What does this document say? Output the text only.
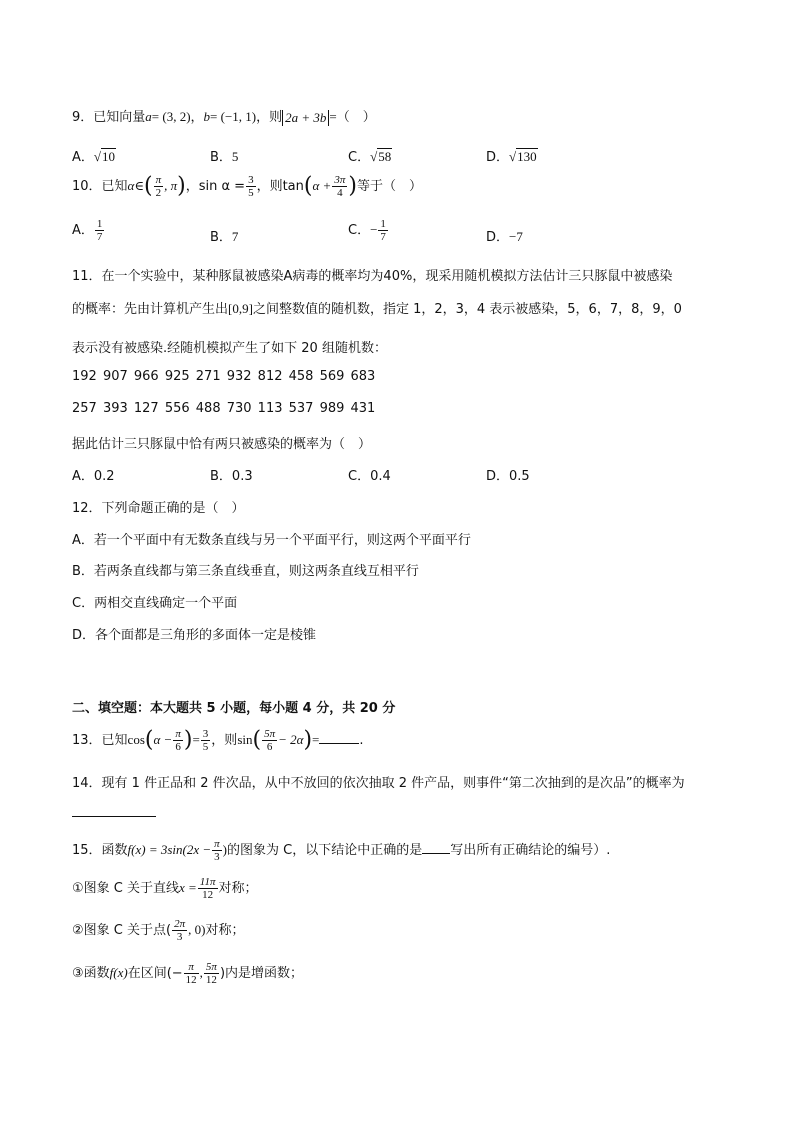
9．已知向量a= (3, 2)，b= (−1, 1)，则 2a + 3b =（　）
A．√10	B．5	C．√58	D．√130
10．已知α∈( $\frac{\pi}{2}$ , π)，$\sin \alpha = \frac{3}{5}$ ，则$\tan(\alpha + \frac{3\pi}{4}$ )等于（　）
A． $\frac{1}{7}$	B．7	C．− $\frac{1}{7}$	D．−7
11．在一个实验中，某种豚鼠被感染A病毒的概率均为40%，现采用随机模拟方法估计三只豚鼠中被感染
的概率：先由计算机产生出[0,9]之间整数值的随机数，指定 1，2，3，4 表示被感染，5，6，7，8，9，0
表示没有被感染.经随机模拟产生了如下 20 组随机数：
192 907 966 925 271 932 812 458 569 683
257 393 127 556 488 730 113 537 989 431
据此估计三只豚鼠中恰有两只被感染的概率为（　）
A．0.2	B．0.3	C．0.4	D．0.5
12．下列命题正确的是（　）
A．若一个平面中有无数条直线与另一个平面平行，则这两个平面平行
B．若两条直线都与第三条直线垂直，则这两条直线互相平行
C．两相交直线确定一个平面
D．各个面都是三角形的多面体一定是棱锥
二、填空题：本大题共 5 小题，每小题 4 分，共 20 分
13．已知$\cos(\alpha - \frac{\pi}{6}$ )= $\frac{3}{5}$ ，则$\sin( \frac{5\pi}{6} - 2\alpha)=$	.
14．现有 1 件正品和 2 件次品，从中不放回的依次抽取 2 件产品，则事件“第二次抽到的是次品”的概率为
15．函数$f(x) = 3\sin(2x - \frac{\pi}{3}$ )的图象为 C，以下结论中正确的是 写出所有正确结论的编号）.
①图象 C 关于直线$x = \frac{11\pi}{12}$ 对称；
②图象 C 关于点( $\frac{2\pi}{3}$ , 0)对称；
③函数f(x)在区间(− $\frac{\pi}{12}$ , $\frac{5\pi}{12}$ )内是增函数；
